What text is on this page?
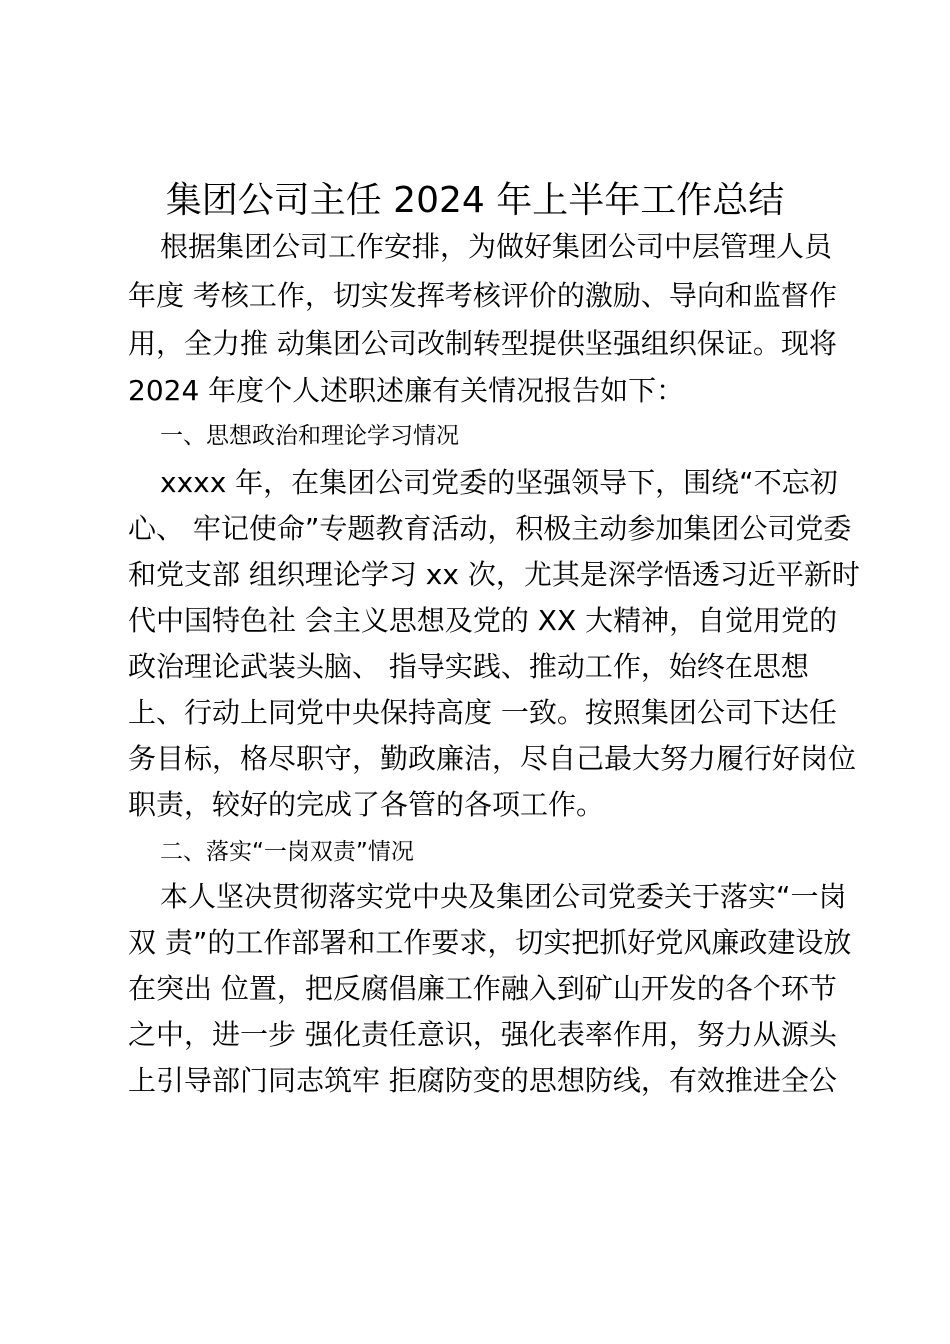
集团公司主任 2024 年上半年工作总结
根据集团公司工作安排，为做好集团公司中层管理人员
年度 考核工作，切实发挥考核评价的激励、导向和监督作
用，全力推 动集团公司改制转型提供坚强组织保证。现将
2024 年度个人述职述廉有关情况报告如下：
一、思想政治和理论学习情况
xxxx 年，在集团公司党委的坚强领导下，围绕“不忘初
心、 牢记使命”专题教育活动，积极主动参加集团公司党委
和党支部 组织理论学习 xx 次，尤其是深学悟透习近平新时
代中国特色社 会主义思想及党的 XX 大精神，自觉用党的
政治理论武装头脑、 指导实践、推动工作，始终在思想
上、行动上同党中央保持高度 一致。按照集团公司下达任
务目标，格尽职守，勤政廉洁，尽自己最大努力履行好岗位
职责，较好的完成了各管的各项工作。
二、落实“一岗双责”情况
本人坚决贯彻落实党中央及集团公司党委关于落实“一岗
双 责”的工作部署和工作要求，切实把抓好党风廉政建设放
在突出 位置，把反腐倡廉工作融入到矿山开发的各个环节
之中，进一步 强化责任意识，强化表率作用，努力从源头
上引导部门同志筑牢 拒腐防变的思想防线，有效推进全公
